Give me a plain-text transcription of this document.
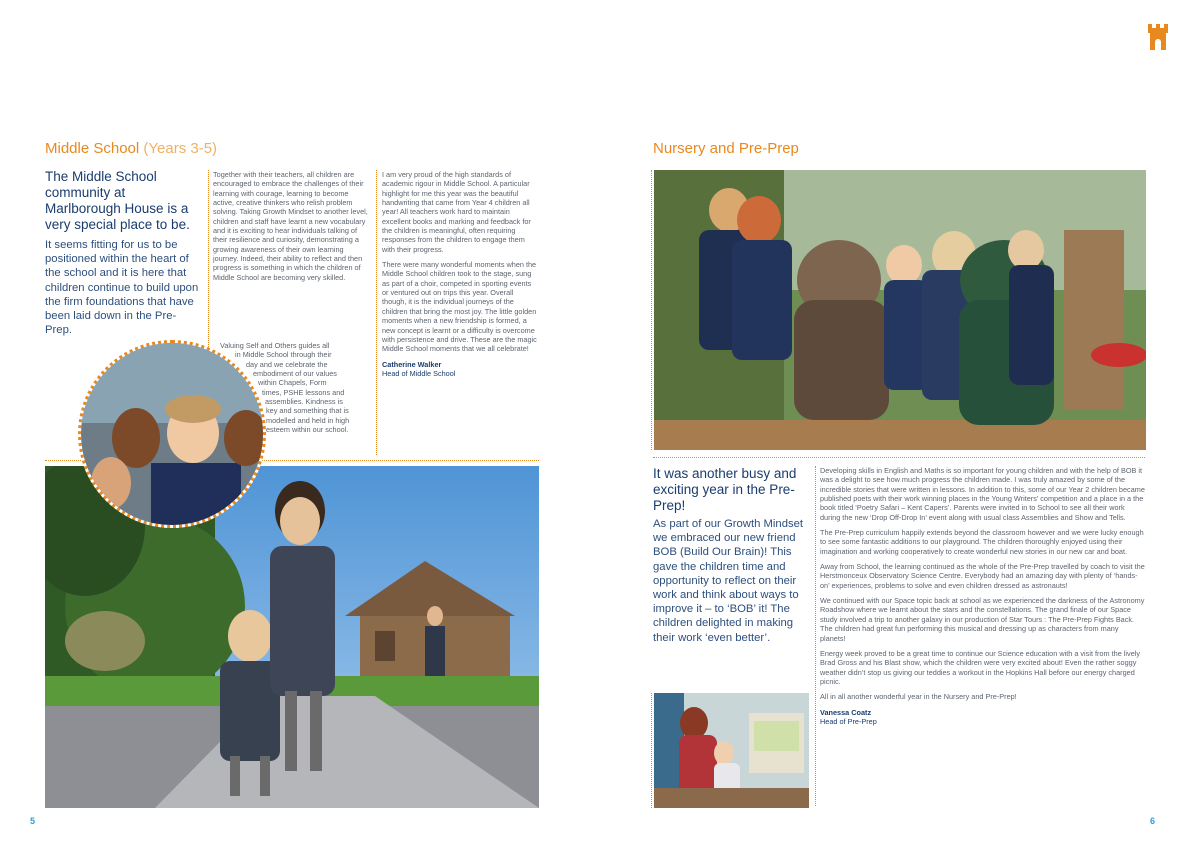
Middle School (Years 3-5)
The Middle School community at Marlborough House is a very special place to be.
It seems fitting for us to be positioned within the heart of the school and it is here that children continue to build upon the firm foundations that have been laid down in the Pre-Prep.
Together with their teachers, all children are encouraged to embrace the challenges of their learning with courage, learning to become active, creative thinkers who relish problem solving. Taking Growth Mindset to another level, children and staff have learnt a new vocabulary and it is exciting to hear individuals talking of their resilience and curiosity, demonstrating a growing awareness of their own learning journey. Indeed, their ability to reflect and then progress is something in which the children of Middle School are becoming very skilled.
Valuing Self and Others guides all
in Middle School through their
day and we celebrate the
embodiment of our values
within Chapels, Form
times, PSHE lessons and
assemblies. Kindness is
key and something that is
modelled and held in high
esteem within our school.

I am very proud of the high standards of academic rigour in Middle School. A particular highlight for me this year was the beautiful handwriting that came from Year 4 children all year! All teachers work hard to maintain excellent books and marking and feedback for the children is meaningful, often requiring responses from the children to engage them with their progress.

There were many wonderful moments when the Middle School children took to the stage, sung as part of a choir, competed in sporting events or ventured out on trips this year. Overall though, it is the individual journeys of the children that bring the most joy. The little golden moments when a new friendship is formed, a new concept is learnt or a difficulty is overcome with persistence and drive. These are the magic Middle School moments that we all celebrate!

Catherine Walker
Head of Middle School
5
Nursery and Pre-Prep
It was another busy and exciting year in the Pre-Prep!
As part of our Growth Mindset we embraced our new friend BOB (Build Our Brain)! This gave the children time and opportunity to reflect on their work and think about ways to improve it – to ‘BOB’ it! The children delighted in making their work ‘even better’.

Developing skills in English and Maths is so important for young children and with the help of BOB it was a delight to see how much progress the children made. I was truly amazed by some of the incredible stories that were written in lessons. In addition to this, some of our Year 2 children became published poets with their work winning places in the Young Writers’ competition and a place in a the book titled ‘Poetry Safari – Kent Capers’. Parents were invited in to School to see all their work during the new ‘Drop Off-Drop In’ event along with usual class Assemblies and Show and Tells.

The Pre-Prep curriculum happily extends beyond the classroom however and we were lucky enough to see some fantastic additions to our playground. The children thoroughly enjoyed using their imagination and working cooperatively to create wonderful new stories in our new car and boat.

Away from School, the learning continued as the whole of the Pre-Prep travelled by coach to visit the Herstmonceux Observatory Science Centre. Everybody had an amazing day with plenty of ‘hands-on’ experiences, problems to solve and even children dressed as astronauts!

We continued with our Space topic back at school as we experienced the darkness of the Astronomy Roadshow where we learnt about the stars and the constellations. The grand finale of our Space study involved a trip to another galaxy in our production of Star Tours : The Pre-Prep Fights Back. The children had great fun performing this musical and dressing up as characters from many planets!

Energy week proved to be a great time to continue our Science education with a visit from the lively Brad Gross and his Blast show, which the children were very excited about! Even the rather soggy weather didn’t stop us giving our teddies a workout in the Hopkins Hall before our energy charged picnic.

All in all another wonderful year in the Nursery and Pre-Prep!

Vanessa Coatz
Head of Pre-Prep
6
